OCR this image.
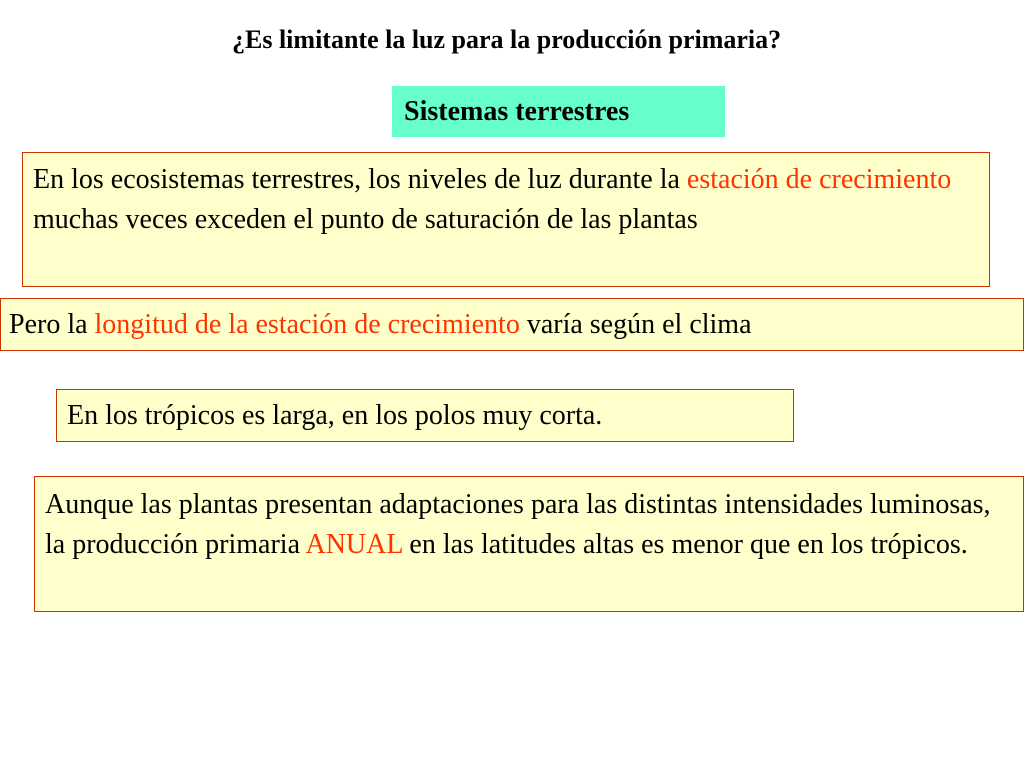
¿Es limitante la luz para la producción primaria?
Sistemas terrestres
En los ecosistemas terrestres, los niveles de luz durante la estación de crecimiento muchas veces exceden el punto de saturación de las plantas
Pero la longitud de la estación de crecimiento varía según el clima
En los trópicos es larga, en los polos muy corta.
Aunque las plantas presentan adaptaciones para las distintas intensidades luminosas, la producción primaria ANUAL en las latitudes altas es menor que en los trópicos.
